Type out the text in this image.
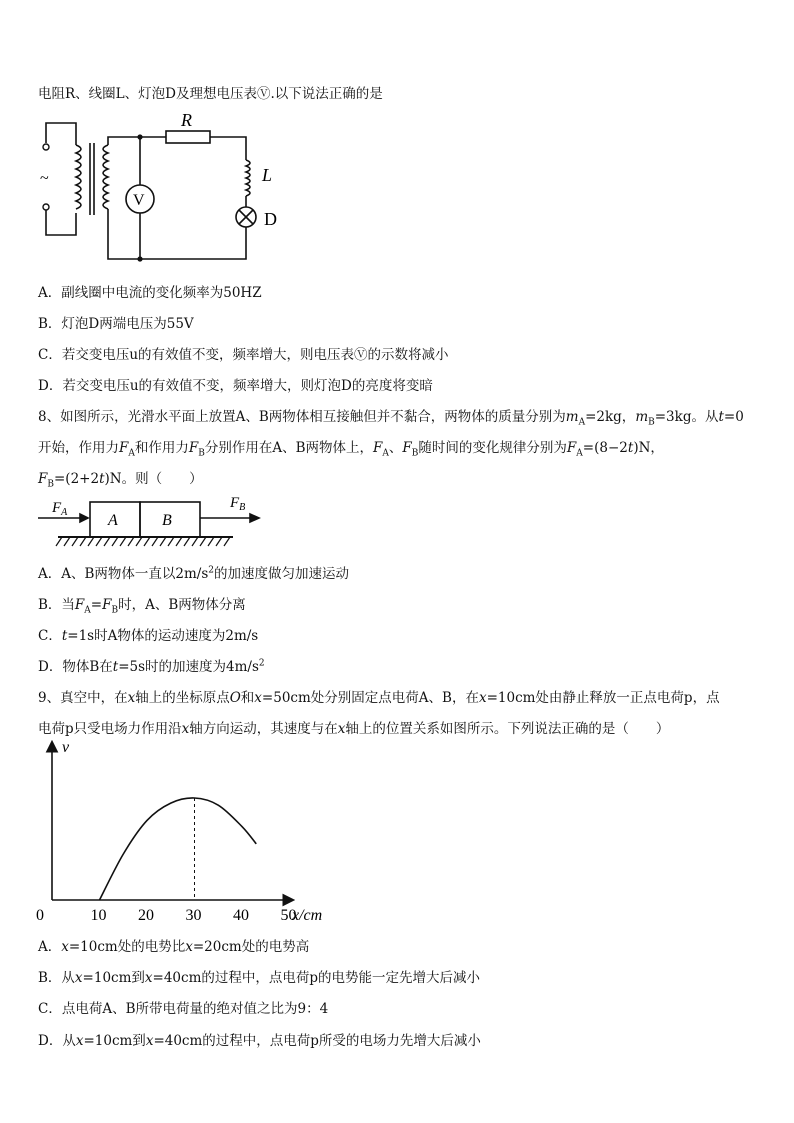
电阻R、线圈L、灯泡D及理想电压表Ⓥ.以下说法正确的是
~
V
R
L
D
A．副线圈中电流的变化频率为50HZ
B．灯泡D两端电压为55V
C．若交变电压u的有效值不变，频率增大，则电压表Ⓥ的示数将减小
D．若交变电压u的有效值不变，频率增大，则灯泡D的亮度将变暗
8、如图所示，光滑水平面上放置A、B两物体相互接触但并不黏合，两物体的质量分别为$m_A=2kg$，$m_B=3kg$。从t=0
开始，作用力$F_A$和作用力$F_B$分别作用在A、B两物体上，$F_A$、$F_B$随时间的变化规律分别为$F_A=(8-2t)N$，
$F_B=(2+2t)N$。则（　　）
$F_A$
$F_B$
A	B
A．A、B两物体一直以$2m/s^2$的加速度做匀加速运动
B．当$F_A=F_B$时，A、B两物体分离
C．t=1s时A物体的运动速度为2m/s
D．物体B在t=5s时的加速度为$4m/s^2$
9、真空中，在x轴上的坐标原点O和x=50cm处分别固定点电荷A、B，在x=10cm处由静止释放一正点电荷p，点
电荷p只受电场力作用沿x轴方向运动，其速度与在x轴上的位置关系如图所示。下列说法正确的是（　　）
v
0	x/cm
10 20 30 40 50
A．x=10cm处的电势比x=20cm处的电势高
B．从x=10cm到x=40cm的过程中，点电荷p的电势能一定先增大后减小
C．点电荷A、B所带电荷量的绝对值之比为9：4
D．从x=10cm到x=40cm的过程中，点电荷p所受的电场力先增大后减小
